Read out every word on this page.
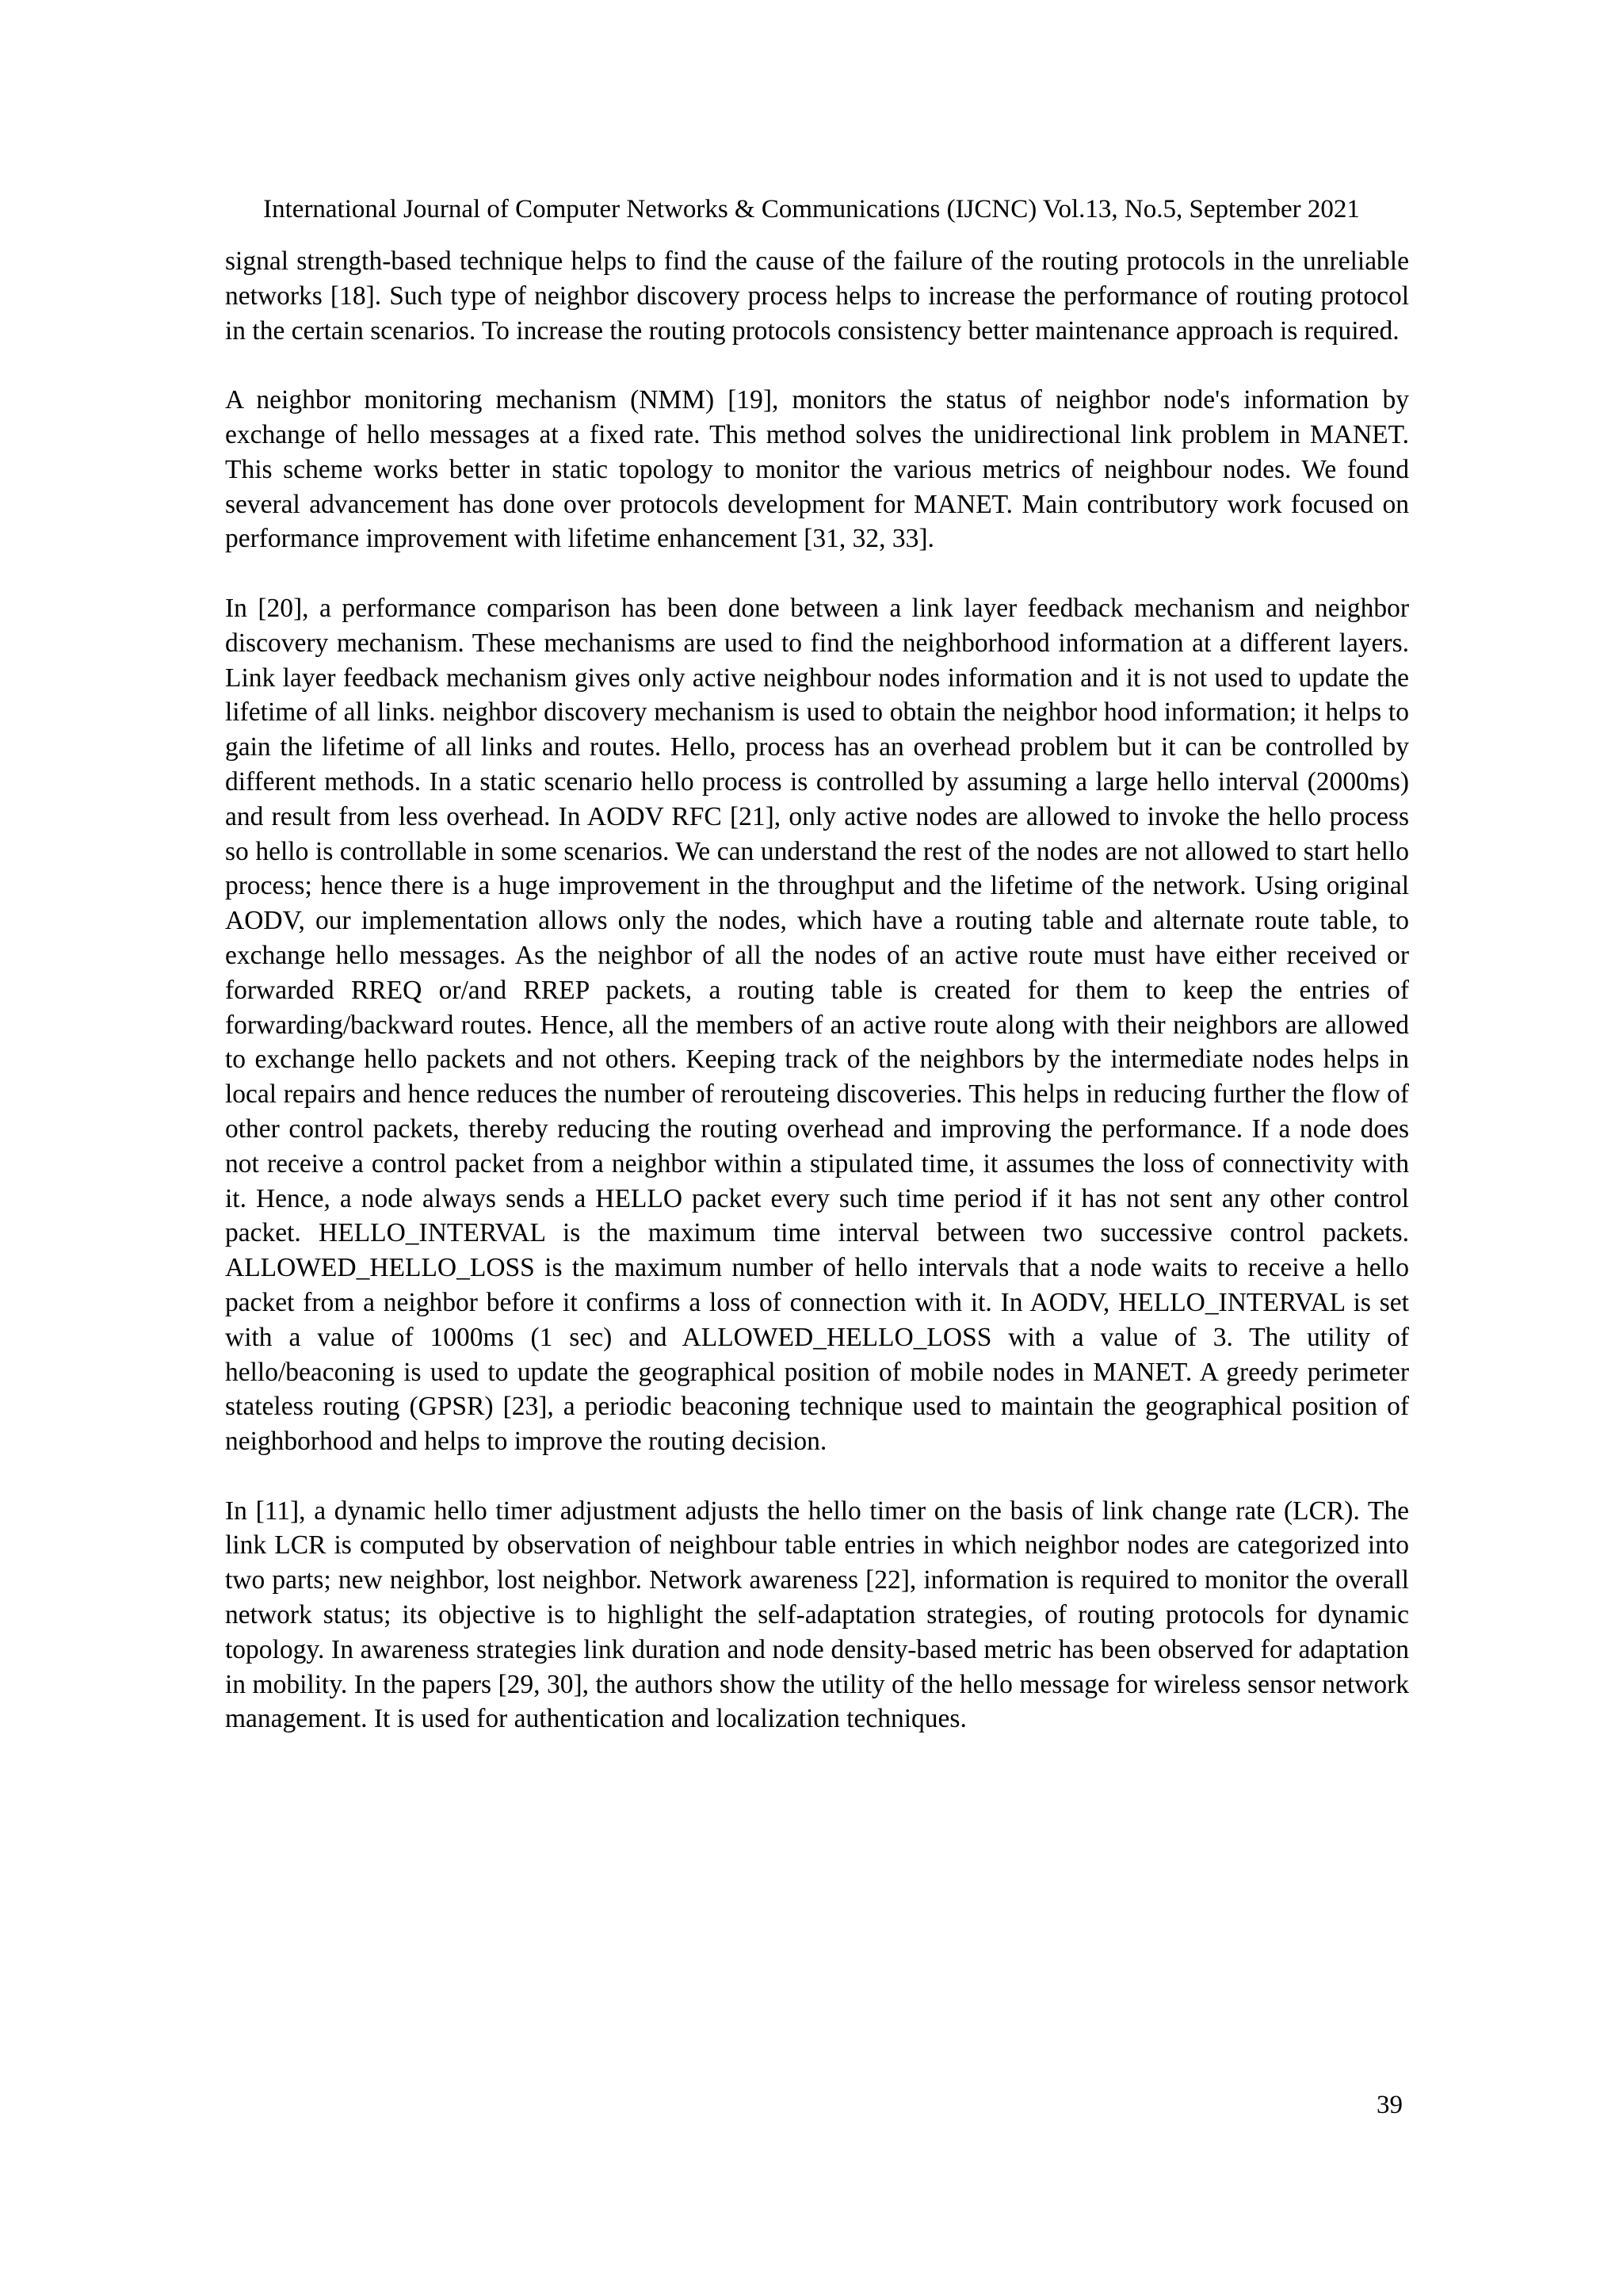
International Journal of Computer Networks & Communications (IJCNC) Vol.13, No.5, September 2021

signal strength-based technique helps to find the cause of the failure of the routing protocols in the unreliable networks [18]. Such type of neighbor discovery process helps to increase the performance of routing protocol in the certain scenarios. To increase the routing protocols consistency better maintenance approach is required.

A neighbor monitoring mechanism (NMM) [19], monitors the status of neighbor node's information by exchange of hello messages at a fixed rate. This method solves the unidirectional link problem in MANET. This scheme works better in static topology to monitor the various metrics of neighbour nodes. We found several advancement has done over protocols development for MANET. Main contributory work focused on performance improvement with lifetime enhancement [31, 32, 33].

In [20], a performance comparison has been done between a link layer feedback mechanism and neighbor discovery mechanism. These mechanisms are used to find the neighborhood information at a different layers. Link layer feedback mechanism gives only active neighbour nodes information and it is not used to update the lifetime of all links. neighbor discovery mechanism is used to obtain the neighbor hood information; it helps to gain the lifetime of all links and routes. Hello, process has an overhead problem but it can be controlled by different methods. In a static scenario hello process is controlled by assuming a large hello interval (2000ms) and result from less overhead. In AODV RFC [21], only active nodes are allowed to invoke the hello process so hello is controllable in some scenarios. We can understand the rest of the nodes are not allowed to start hello process; hence there is a huge improvement in the throughput and the lifetime of the network. Using original AODV, our implementation allows only the nodes, which have a routing table and alternate route table, to exchange hello messages. As the neighbor of all the nodes of an active route must have either received or forwarded RREQ or/and RREP packets, a routing table is created for them to keep the entries of forwarding/backward routes. Hence, all the members of an active route along with their neighbors are allowed to exchange hello packets and not others. Keeping track of the neighbors by the intermediate nodes helps in local repairs and hence reduces the number of rerouteing discoveries. This helps in reducing further the flow of other control packets, thereby reducing the routing overhead and improving the performance. If a node does not receive a control packet from a neighbor within a stipulated time, it assumes the loss of connectivity with it. Hence, a node always sends a HELLO packet every such time period if it has not sent any other control packet. HELLO_INTERVAL is the maximum time interval between two successive control packets. ALLOWED_HELLO_LOSS is the maximum number of hello intervals that a node waits to receive a hello packet from a neighbor before it confirms a loss of connection with it. In AODV, HELLO_INTERVAL is set with a value of 1000ms (1 sec) and ALLOWED_HELLO_LOSS with a value of 3. The utility of hello/beaconing is used to update the geographical position of mobile nodes in MANET. A greedy perimeter stateless routing (GPSR) [23], a periodic beaconing technique used to maintain the geographical position of neighborhood and helps to improve the routing decision.

In [11], a dynamic hello timer adjustment adjusts the hello timer on the basis of link change rate (LCR). The link LCR is computed by observation of neighbour table entries in which neighbor nodes are categorized into two parts; new neighbor, lost neighbor. Network awareness [22], information is required to monitor the overall network status; its objective is to highlight the self-adaptation strategies, of routing protocols for dynamic topology. In awareness strategies link duration and node density-based metric has been observed for adaptation in mobility. In the papers [29, 30], the authors show the utility of the hello message for wireless sensor network management. It is used for authentication and localization techniques.

39
